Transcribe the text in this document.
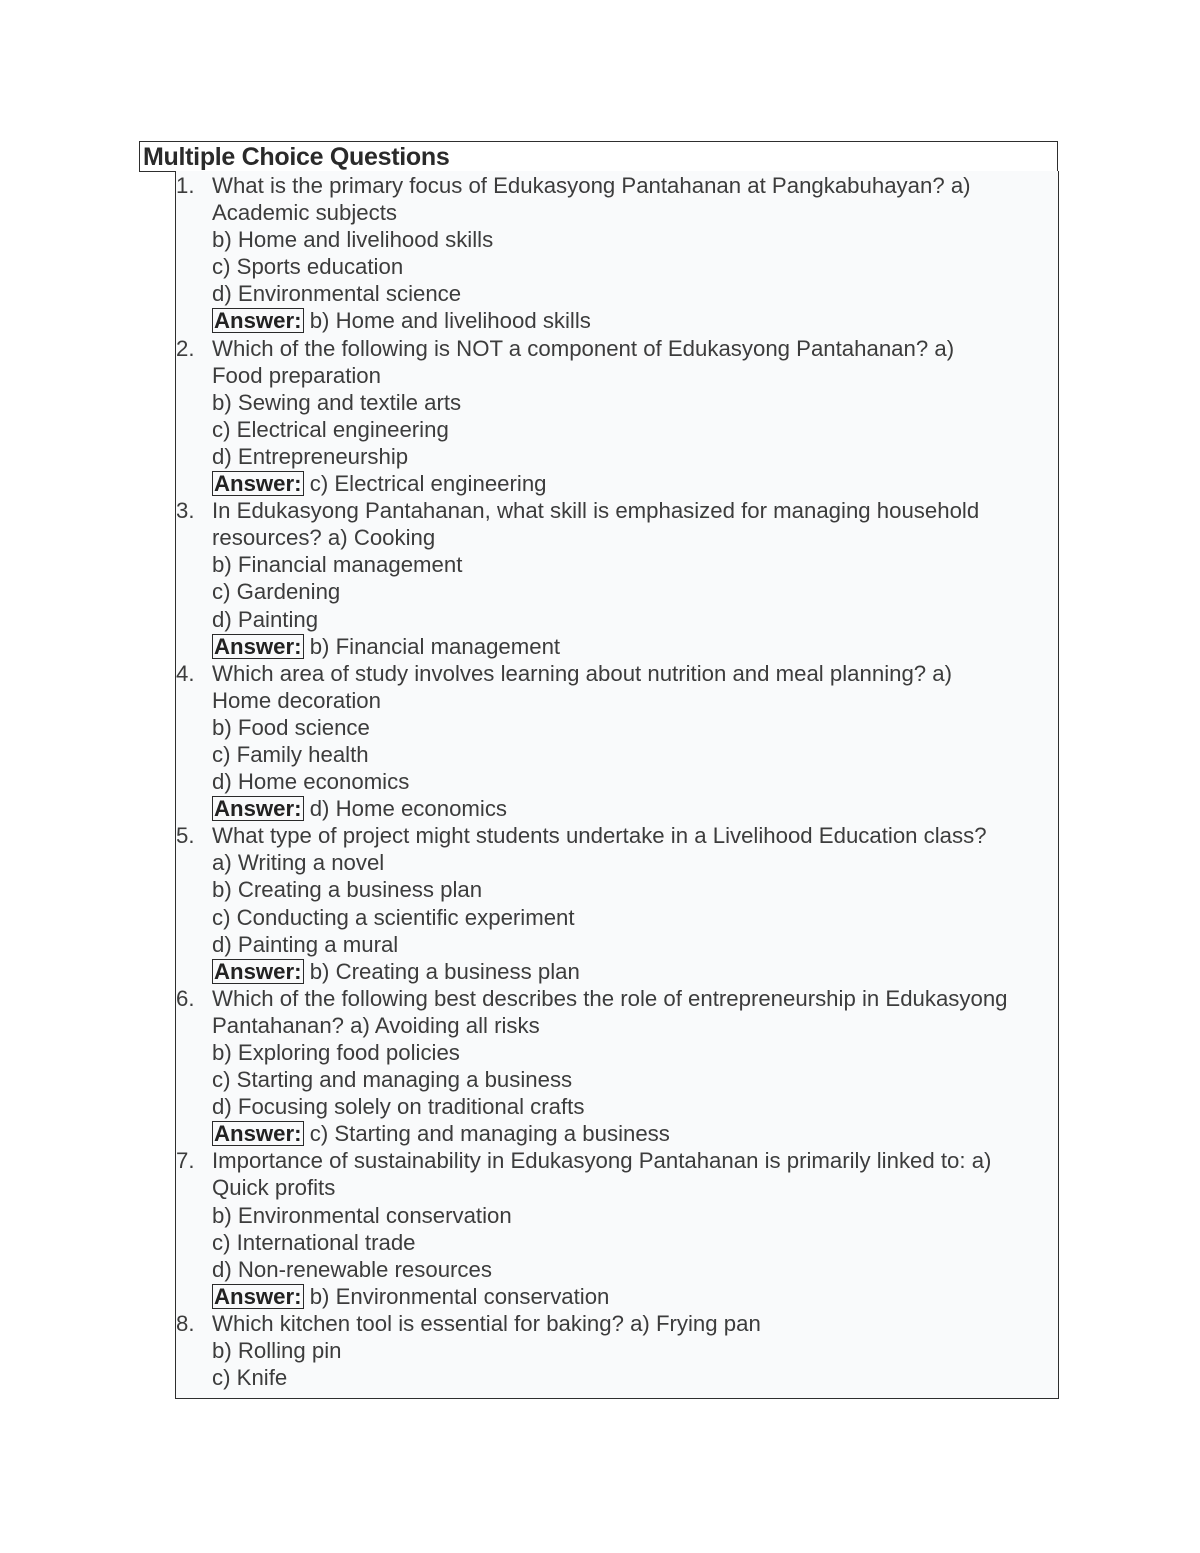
Multiple Choice Questions
1. What is the primary focus of Edukasyong Pantahanan at Pangkabuhayan? a)
Academic subjects
b) Home and livelihood skills
c) Sports education
d) Environmental science
Answer: b) Home and livelihood skills
2. Which of the following is NOT a component of Edukasyong Pantahanan? a)
Food preparation
b) Sewing and textile arts
c) Electrical engineering
d) Entrepreneurship
Answer: c) Electrical engineering
3. In Edukasyong Pantahanan, what skill is emphasized for managing household
resources? a) Cooking
b) Financial management
c) Gardening
d) Painting
Answer: b) Financial management
4. Which area of study involves learning about nutrition and meal planning? a)
Home decoration
b) Food science
c) Family health
d) Home economics
Answer: d) Home economics
5. What type of project might students undertake in a Livelihood Education class?
a) Writing a novel
b) Creating a business plan
c) Conducting a scientific experiment
d) Painting a mural
Answer: b) Creating a business plan
6. Which of the following best describes the role of entrepreneurship in Edukasyong
Pantahanan? a) Avoiding all risks
b) Exploring food policies
c) Starting and managing a business
d) Focusing solely on traditional crafts
Answer: c) Starting and managing a business
7. Importance of sustainability in Edukasyong Pantahanan is primarily linked to: a)
Quick profits
b) Environmental conservation
c) International trade
d) Non-renewable resources
Answer: b) Environmental conservation
8. Which kitchen tool is essential for baking? a) Frying pan
b) Rolling pin
c) Knife
